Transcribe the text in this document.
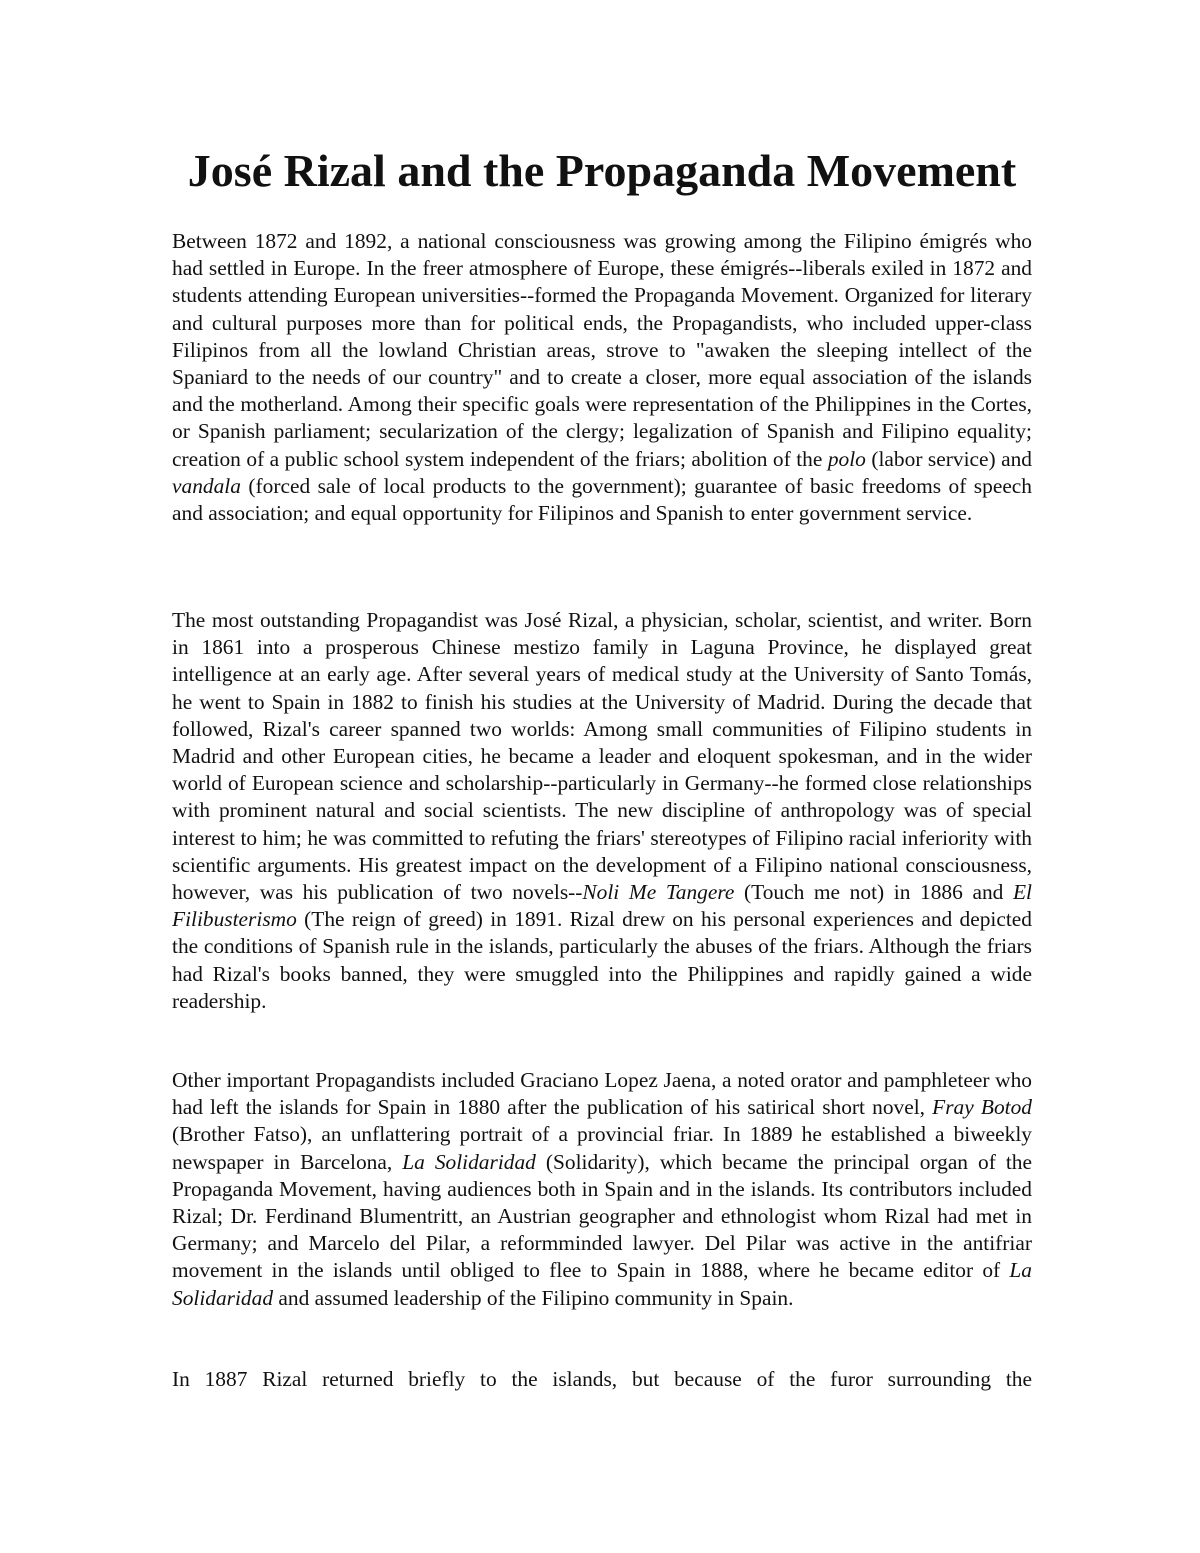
José Rizal and the Propaganda Movement

Between 1872 and 1892, a national consciousness was growing among the Filipino émigrés who had settled in Europe. In the freer atmosphere of Europe, these émigrés--liberals exiled in 1872 and students attending European universities--formed the Propaganda Movement. Organized for literary and cultural purposes more than for political ends, the Propagandists, who included upper-class Filipinos from all the lowland Christian areas, strove to "awaken the sleeping intellect of the Spaniard to the needs of our country" and to create a closer, more equal association of the islands and the motherland. Among their specific goals were representation of the Philippines in the Cortes, or Spanish parliament; secularization of the clergy; legalization of Spanish and Filipino equality; creation of a public school system independent of the friars; abolition of the polo (labor service) and vandala (forced sale of local products to the government); guarantee of basic freedoms of speech and association; and equal opportunity for Filipinos and Spanish to enter government service.

The most outstanding Propagandist was José Rizal, a physician, scholar, scientist, and writer. Born in 1861 into a prosperous Chinese mestizo family in Laguna Province, he displayed great intelligence at an early age. After several years of medical study at the University of Santo Tomás, he went to Spain in 1882 to finish his studies at the University of Madrid. During the decade that followed, Rizal's career spanned two worlds: Among small communities of Filipino students in Madrid and other European cities, he became a leader and eloquent spokesman, and in the wider world of European science and scholarship--particularly in Germany--he formed close relationships with prominent natural and social scientists. The new discipline of anthropology was of special interest to him; he was committed to refuting the friars' stereotypes of Filipino racial inferiority with scientific arguments. His greatest impact on the development of a Filipino national consciousness, however, was his publication of two novels--Noli Me Tangere (Touch me not) in 1886 and El Filibusterismo (The reign of greed) in 1891. Rizal drew on his personal experiences and depicted the conditions of Spanish rule in the islands, particularly the abuses of the friars. Although the friars had Rizal's books banned, they were smuggled into the Philippines and rapidly gained a wide readership.

Other important Propagandists included Graciano Lopez Jaena, a noted orator and pamphleteer who had left the islands for Spain in 1880 after the publication of his satirical short novel, Fray Botod (Brother Fatso), an unflattering portrait of a provincial friar. In 1889 he established a biweekly newspaper in Barcelona, La Solidaridad (Solidarity), which became the principal organ of the Propaganda Movement, having audiences both in Spain and in the islands. Its contributors included Rizal; Dr. Ferdinand Blumentritt, an Austrian geographer and ethnologist whom Rizal had met in Germany; and Marcelo del Pilar, a reformminded lawyer. Del Pilar was active in the antifriar movement in the islands until obliged to flee to Spain in 1888, where he became editor of La Solidaridad and assumed leadership of the Filipino community in Spain.

In 1887 Rizal returned briefly to the islands, but because of the furor surrounding the
